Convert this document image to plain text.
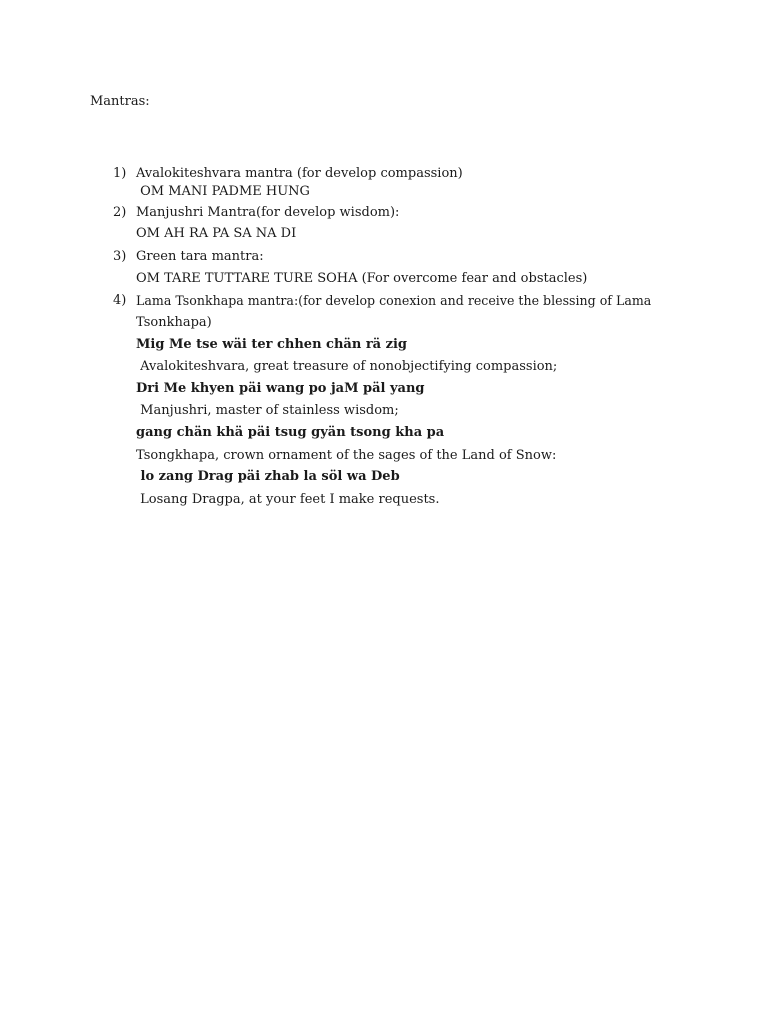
Mantras:
1) Avalokiteshvara mantra (for develop compassion)
OM MANI PADME HUNG
2) Manjushri Mantra(for develop wisdom):
OM AH RA PA SA NA DI
3) Green tara mantra:
OM TARE TUTTARE TURE SOHA (For overcome fear and obstacles)
4) Lama Tsonkhapa mantra:(for develop conexion and receive the blessing of Lama
Tsonkhapa)
Mig Me tse wäi ter chhen chän rä zig
Avalokiteshvara, great treasure of nonobjectifying compassion;
Dri Me khyen päi wang po jaM päl yang
Manjushri, master of stainless wisdom;
gang chän khä päi tsug gyän tsong kha pa
Tsongkhapa, crown ornament of the sages of the Land of Snow:
lo zang Drag päi zhab la söl wa Deb
Losang Dragpa, at your feet I make requests.
